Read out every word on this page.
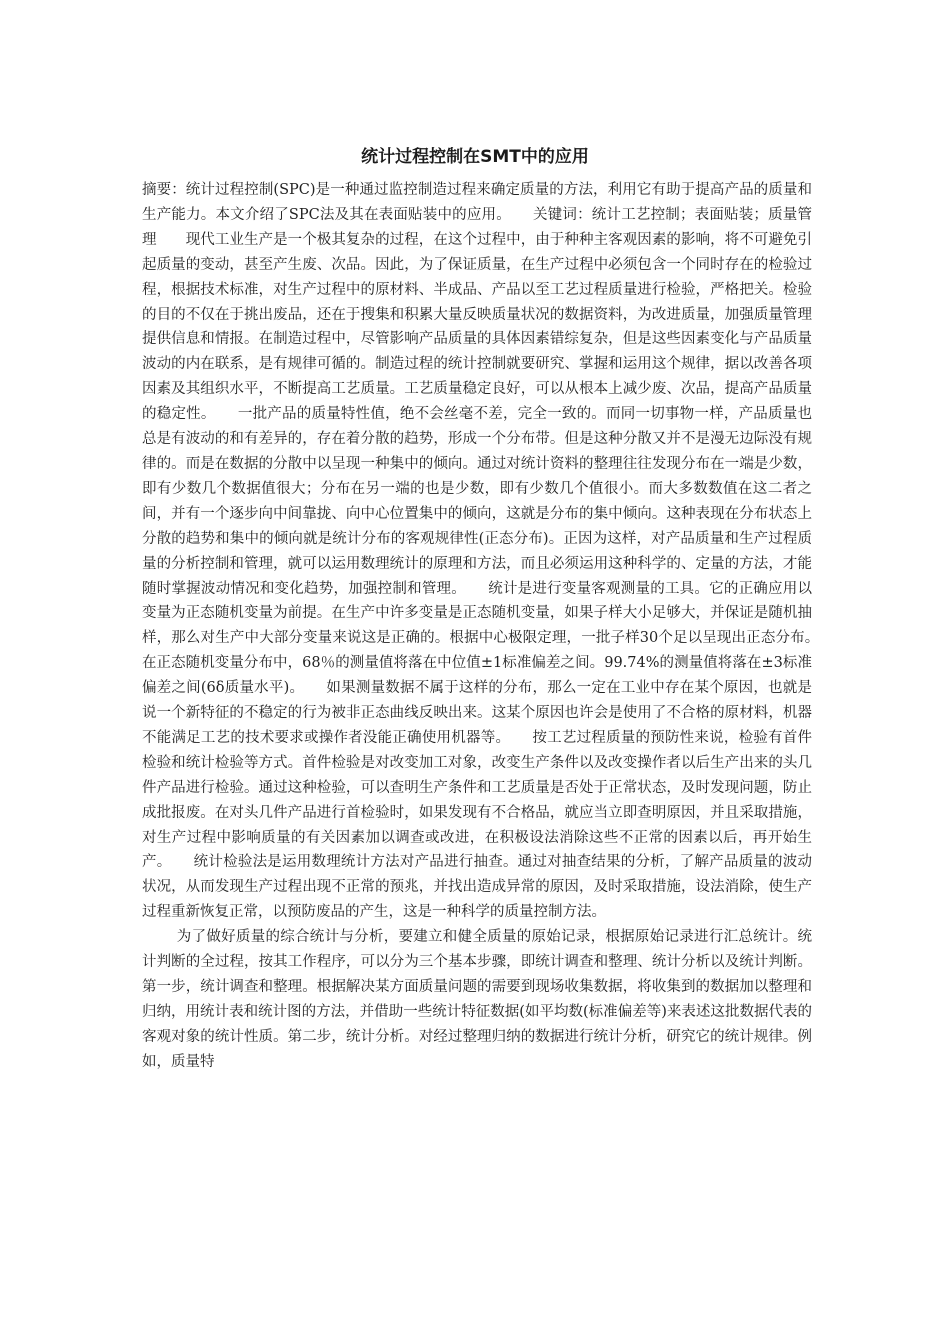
统计过程控制在SMT中的应用

摘要：统计过程控制(SPC)是一种通过监控制造过程来确定质量的方法，利用它有助于提高产品的质量和生产能力。本文介绍了SPC法及其在表面贴装中的应用。　　关键词：统计工艺控制；表面贴装；质量管理　　现代工业生产是一个极其复杂的过程，在这个过程中，由于种种主客观因素的影响，将不可避免引起质量的变动，甚至产生废、次品。因此，为了保证质量，在生产过程中必须包含一个同时存在的检验过程，根据技术标准，对生产过程中的原材料、半成品、产品以至工艺过程质量进行检验，严格把关。检验的目的不仅在于挑出废品，还在于搜集和积累大量反映质量状况的数据资料，为改进质量，加强质量管理提供信息和情报。在制造过程中，尽管影响产品质量的具体因素错综复杂，但是这些因素变化与产品质量波动的内在联系，是有规律可循的。制造过程的统计控制就要研究、掌握和运用这个规律，据以改善各项因素及其组织水平，不断提高工艺质量。工艺质量稳定良好，可以从根本上减少废、次品，提高产品质量的稳定性。　　一批产品的质量特性值，绝不会丝毫不差，完全一致的。而同一切事物一样，产品质量也总是有波动的和有差异的，存在着分散的趋势，形成一个分布带。但是这种分散又并不是漫无边际没有规律的。而是在数据的分散中以呈现一种集中的倾向。通过对统计资料的整理往往发现分布在一端是少数，即有少数几个数据值很大；分布在另一端的也是少数，即有少数几个值很小。而大多数数值在这二者之间，并有一个逐步向中间靠拢、向中心位置集中的倾向，这就是分布的集中倾向。这种表现在分布状态上分散的趋势和集中的倾向就是统计分布的客观规律性(正态分布)。正因为这样，对产品质量和生产过程质量的分析控制和管理，就可以运用数理统计的原理和方法，而且必须运用这种科学的、定量的方法，才能随时掌握波动情况和变化趋势，加强控制和管理。　　统计是进行变量客观测量的工具。它的正确应用以变量为正态随机变量为前提。在生产中许多变量是正态随机变量，如果子样大小足够大，并保证是随机抽样，那么对生产中大部分变量来说这是正确的。根据中心极限定理，一批子样30个足以呈现出正态分布。　　在正态随机变量分布中，68％的测量值将落在中位值±1标准偏差之间。99.74%的测量值将落在±3标准偏差之间(6δ质量水平)。　　如果测量数据不属于这样的分布，那么一定在工业中存在某个原因，也就是说一个新特征的不稳定的行为被非正态曲线反映出来。这某个原因也许会是使用了不合格的原材料，机器不能满足工艺的技术要求或操作者没能正确使用机器等。　　按工艺过程质量的预防性来说，检验有首件检验和统计检验等方式。首件检验是对改变加工对象，改变生产条件以及改变操作者以后生产出来的头几件产品进行检验。通过这种检验，可以查明生产条件和工艺质量是否处于正常状态，及时发现问题，防止成批报废。在对头几件产品进行首检验时，如果发现有不合格品，就应当立即查明原因，并且采取措施，对生产过程中影响质量的有关因素加以调查或改进，在积极设法消除这些不正常的因素以后，再开始生产。　　统计检验法是运用数理统计方法对产品进行抽查。通过对抽查结果的分析，了解产品质量的波动状况，从而发现生产过程出现不正常的预兆，并找出造成异常的原因，及时采取措施，设法消除，使生产过程重新恢复正常，以预防废品的产生，这是一种科学的质量控制方法。

为了做好质量的综合统计与分析，要建立和健全质量的原始记录，根据原始记录进行汇总统计。统计判断的全过程，按其工作程序，可以分为三个基本步骤，即统计调查和整理、统计分析以及统计判断。第一步，统计调查和整理。根据解决某方面质量问题的需要到现场收集数据，将收集到的数据加以整理和归纳，用统计表和统计图的方法，并借助一些统计特征数据(如平均数(标准偏差等)来表述这批数据代表的客观对象的统计性质。第二步，统计分析。对经过整理归纳的数据进行统计分析，研究它的统计规律。例如，质量特
